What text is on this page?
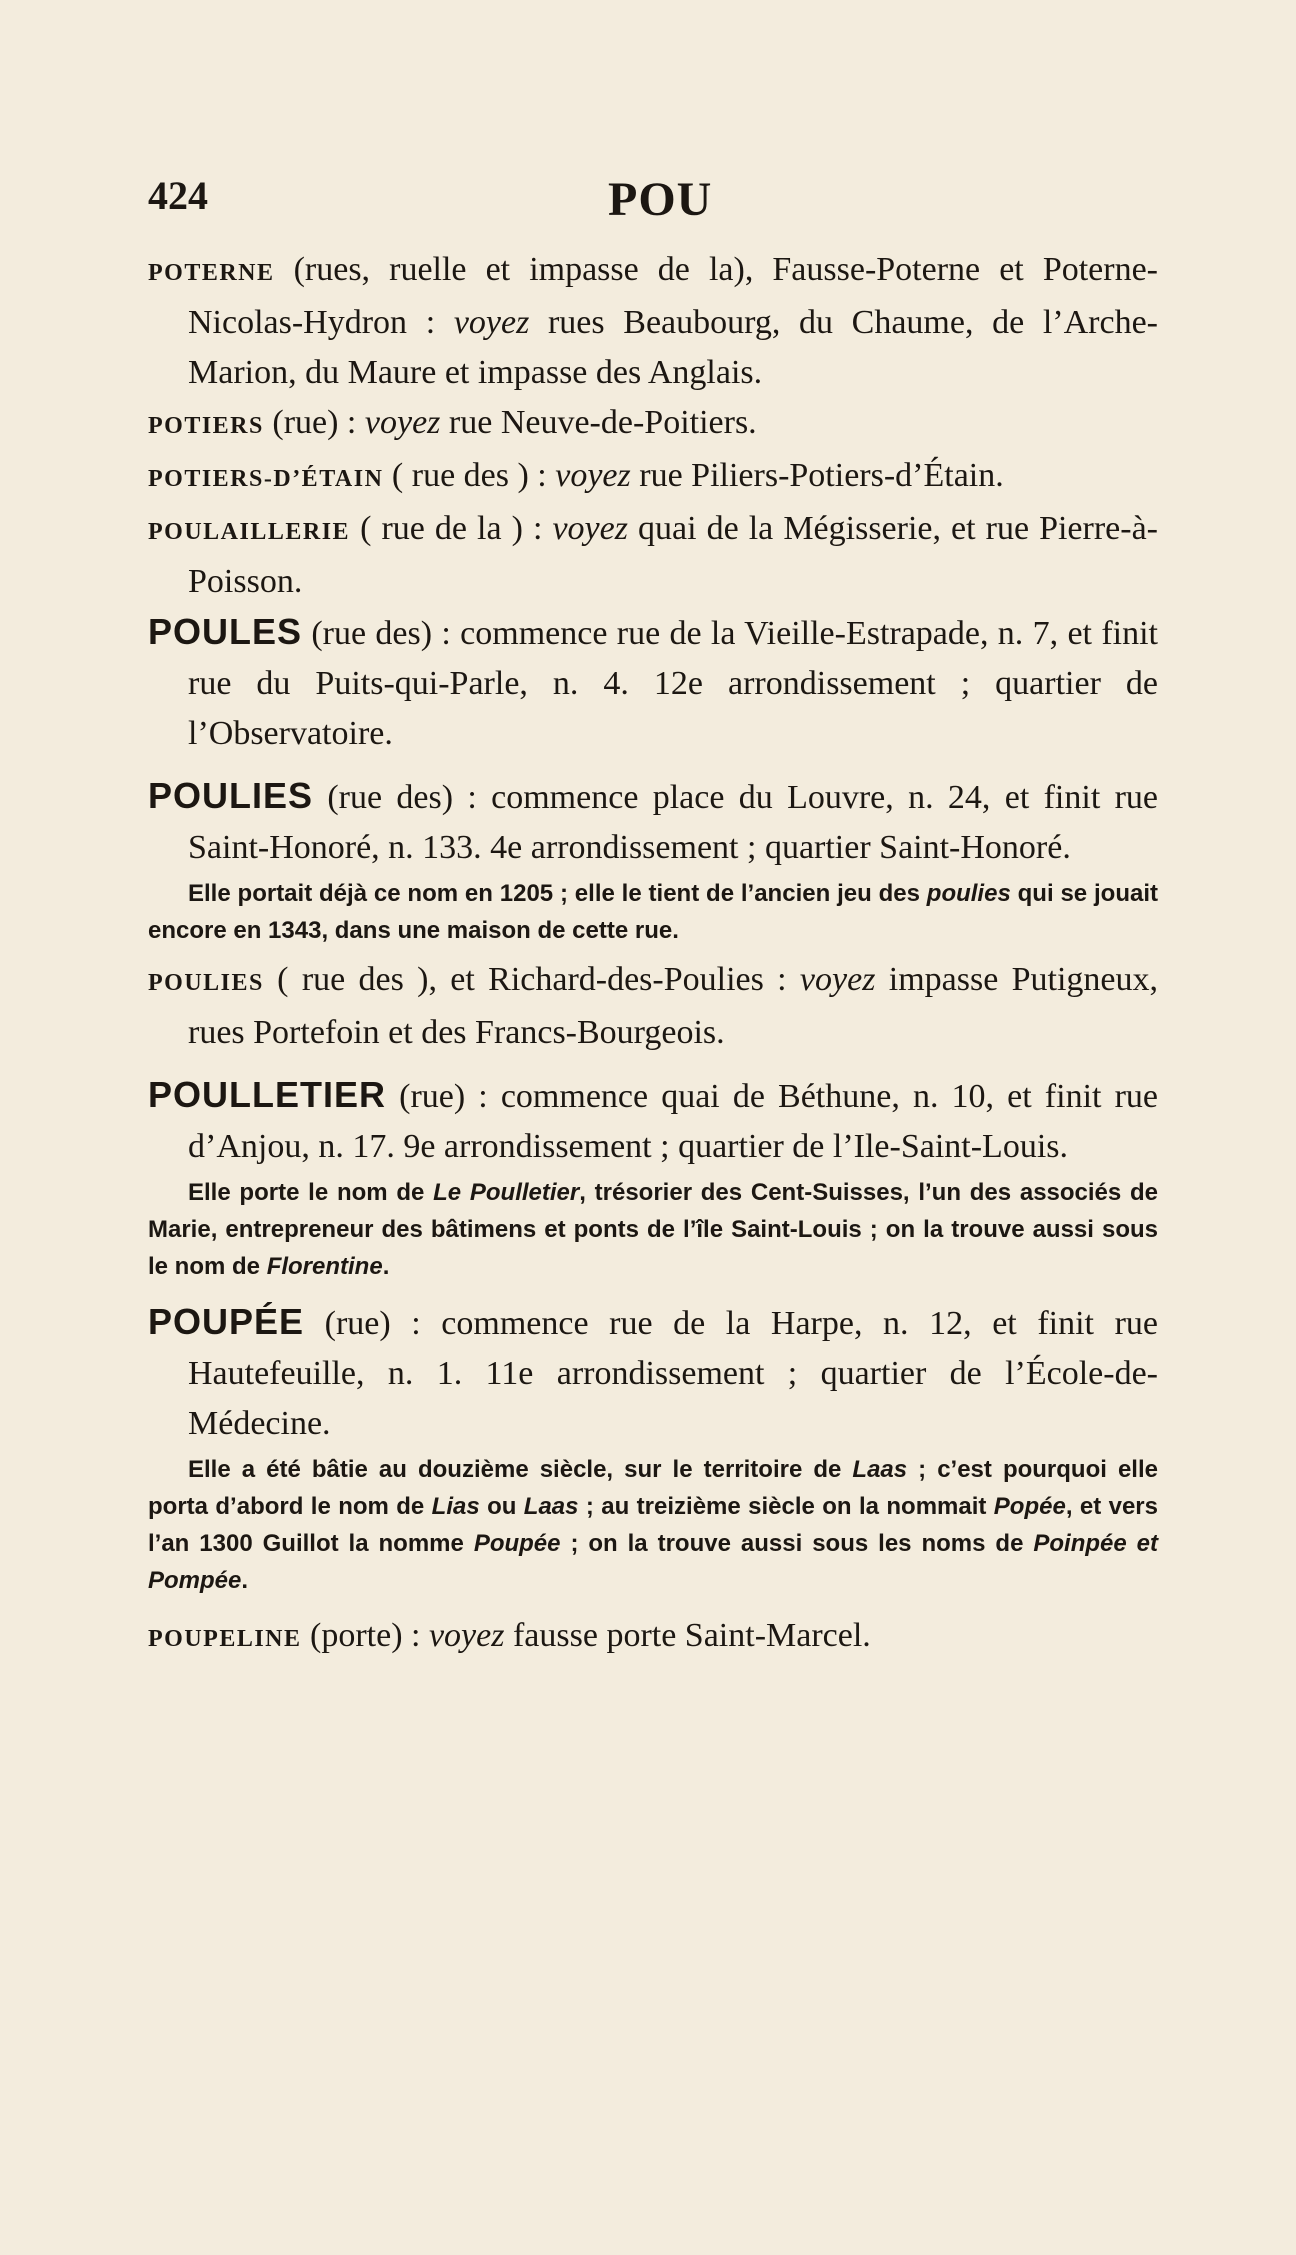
424	POU

POTERNE (rues, ruelle et impasse de la), Fausse-Poterne et Poterne-Nicolas-Hydron : voyez rues Beaubourg, du Chaume, de l’Arche-Marion, du Maure et impasse des Anglais.

POTIERS (rue) : voyez rue Neuve-de-Poitiers.

POTIERS-D’ÉTAIN ( rue des ) : voyez rue Piliers-Potiers-d’Étain.

POULAILLERIE ( rue de la ) : voyez quai de la Mégisserie, et rue Pierre-à-Poisson.

POULES (rue des) : commence rue de la Vieille-Estrapade, n. 7, et finit rue du Puits-qui-Parle, n. 4. 12e arrondissement ; quartier de l’Observatoire.

POULIES (rue des) : commence place du Louvre, n. 24, et finit rue Saint-Honoré, n. 133. 4e arrondissement ; quartier Saint-Honoré.

Elle portait déjà ce nom en 1205 ; elle le tient de l’ancien jeu des poulies qui se jouait encore en 1343, dans une maison de cette rue.

POULIES ( rue des ), et Richard-des-Poulies : voyez impasse Putigneux, rues Portefoin et des Francs-Bourgeois.

POULLETIER (rue) : commence quai de Béthune, n. 10, et finit rue d’Anjou, n. 17. 9e arrondissement ; quartier de l’Ile-Saint-Louis.

Elle porte le nom de Le Poulletier, trésorier des Cent-Suisses, l’un des associés de Marie, entrepreneur des bâtimens et ponts de l’île Saint-Louis ; on la trouve aussi sous le nom de Florentine.

POUPÉE (rue) : commence rue de la Harpe, n. 12, et finit rue Hautefeuille, n. 1. 11e arrondissement ; quartier de l’École-de-Médecine.

Elle a été bâtie au douzième siècle, sur le territoire de Laas ; c’est pourquoi elle porta d’abord le nom de Lias ou Laas ; au treizième siècle on la nommait Popée, et vers l’an 1300 Guillot la nomme Poupée ; on la trouve aussi sous les noms de Poinpée et Pompée.

POUPELINE (porte) : voyez fausse porte Saint-Marcel.
